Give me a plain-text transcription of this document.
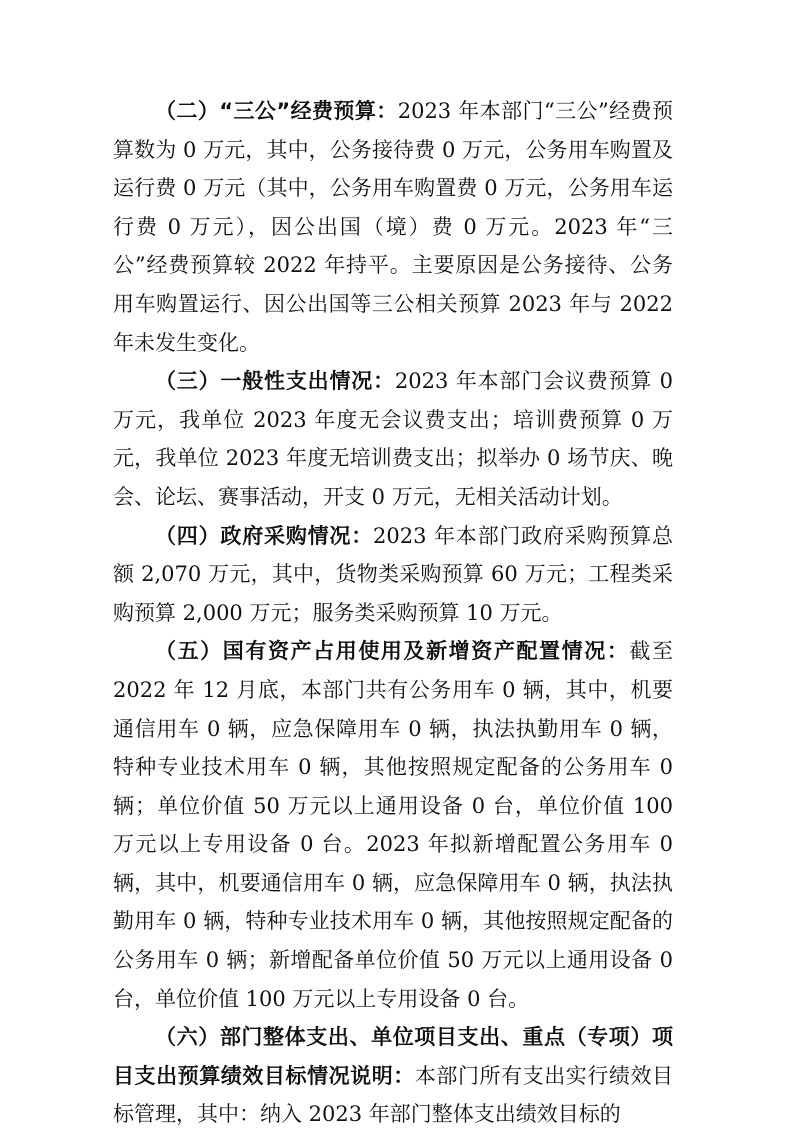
（二）“三公”经费预算：2023 年本部门“三公”经费预算数为 0 万元，其中，公务接待费 0 万元，公务用车购置及运行费 0 万元（其中，公务用车购置费 0 万元，公务用车运行费 0 万元），因公出国（境）费 0 万元。2023 年“三公”经费预算较 2022 年持平。主要原因是公务接待、公务用车购置运行、因公出国等三公相关预算 2023 年与 2022 年未发生变化。

（三）一般性支出情况：2023 年本部门会议费预算 0 万元，我单位 2023 年度无会议费支出；培训费预算 0 万元，我单位 2023 年度无培训费支出；拟举办 0 场节庆、晚会、论坛、赛事活动，开支 0 万元，无相关活动计划。

（四）政府采购情况：2023 年本部门政府采购预算总额 2,070 万元，其中，货物类采购预算 60 万元；工程类采购预算 2,000 万元；服务类采购预算 10 万元。

（五）国有资产占用使用及新增资产配置情况：截至 2022 年 12 月底，本部门共有公务用车 0 辆，其中，机要通信用车 0 辆，应急保障用车 0 辆，执法执勤用车 0 辆，特种专业技术用车 0 辆，其他按照规定配备的公务用车 0 辆；单位价值 50 万元以上通用设备 0 台，单位价值 100 万元以上专用设备 0 台。2023 年拟新增配置公务用车 0 辆，其中，机要通信用车 0 辆，应急保障用车 0 辆，执法执勤用车 0 辆，特种专业技术用车 0 辆，其他按照规定配备的公务用车 0 辆；新增配备单位价值 50 万元以上通用设备 0 台，单位价值 100 万元以上专用设备 0 台。

（六）部门整体支出、单位项目支出、重点（专项）项目支出预算绩效目标情况说明：本部门所有支出实行绩效目标管理，其中：纳入 2023 年部门整体支出绩效目标的
